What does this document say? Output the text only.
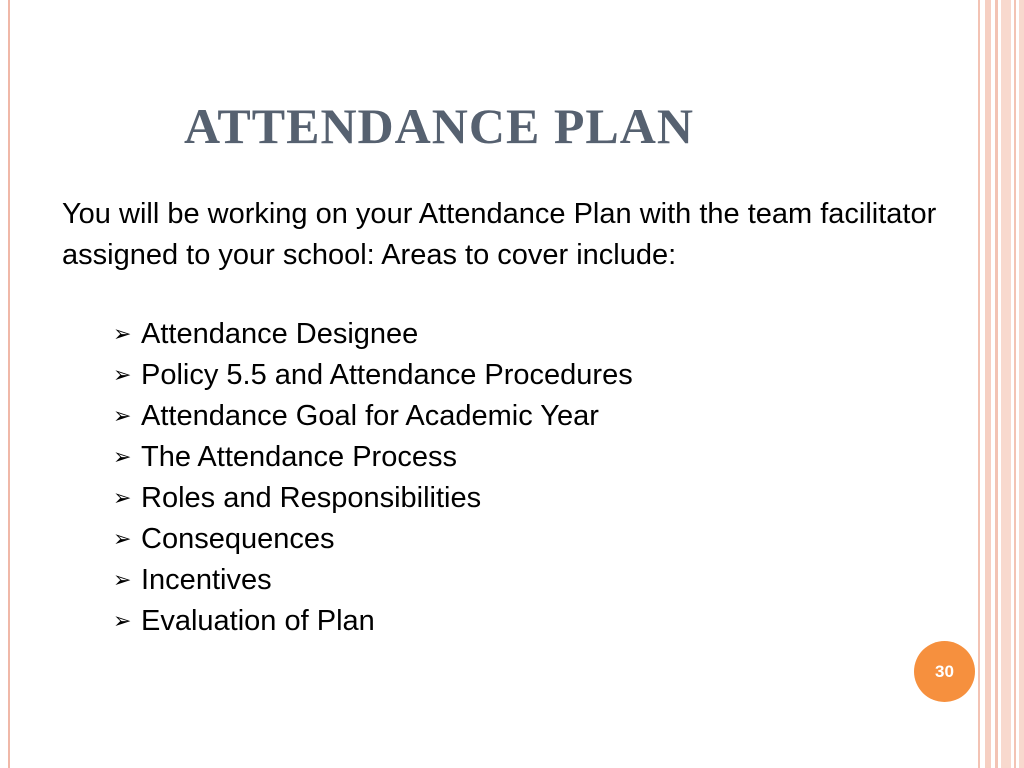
ATTENDANCE PLAN

You will be working on your Attendance Plan with the team facilitator assigned to your school: Areas to cover include:

➢ Attendance Designee
➢ Policy 5.5 and Attendance Procedures
➢ Attendance Goal for Academic Year
➢ The Attendance Process
➢ Roles and Responsibilities
➢ Consequences
➢ Incentives
➢ Evaluation of Plan
30
